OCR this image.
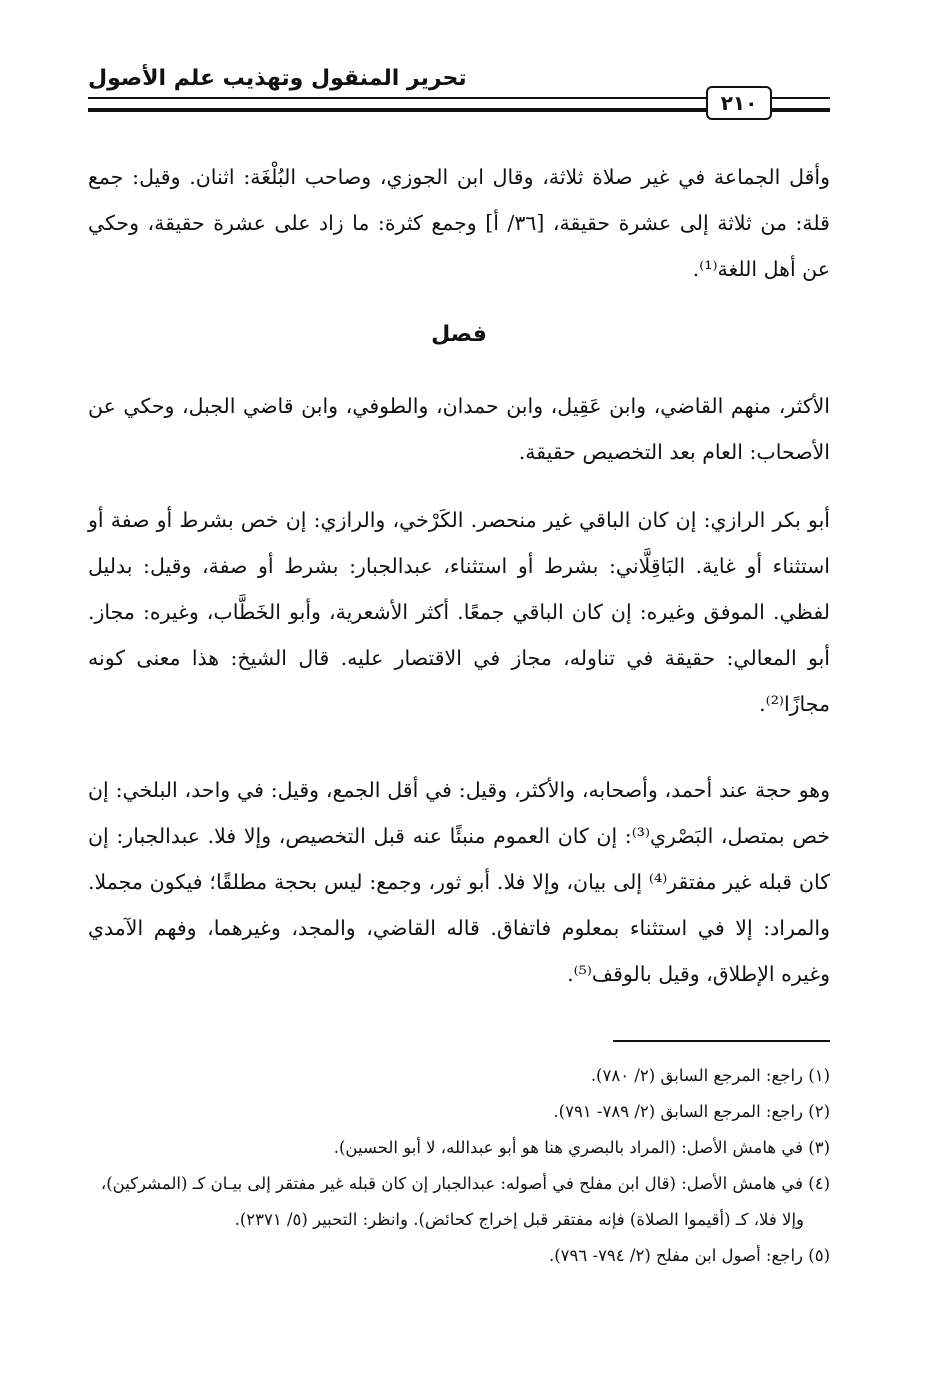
تحرير المنقول وتهذيب علم الأصول
٢١٠

وأقل الجماعة في غير صلاة ثلاثة، وقال ابن الجوزي، وصاحب البُلْغَة: اثنان. وقيل: جمع قلة: من ثلاثة إلى عشرة حقيقة، [٣٦/ أ] وجمع كثرة: ما زاد على عشرة حقيقة، وحكي عن أهل اللغة⁽¹⁾.

فصل

الأكثر، منهم القاضي، وابن عَقِيل، وابن حمدان، والطوفي، وابن قاضي الجبل، وحكي عن الأصحاب: العام بعد التخصيص حقيقة.

أبو بكر الرازي: إن كان الباقي غير منحصر. الكَرْخي، والرازي: إن خص بشرط أو صفة أو استثناء أو غاية. البَاقِلَّاني: بشرط أو استثناء، عبدالجبار: بشرط أو صفة، وقيل: بدليل لفظي. الموفق وغيره: إن كان الباقي جمعًا. أكثر الأشعرية، وأبو الخَطَّاب، وغيره: مجاز. أبو المعالي: حقيقة في تناوله، مجاز في الاقتصار عليه. قال الشيخ: هذا معنى كونه مجازًا⁽²⁾.

وهو حجة عند أحمد، وأصحابه، والأكثر، وقيل: في أقل الجمع، وقيل: في واحد، البلخي: إن خص بمتصل، البَصْري⁽³⁾: إن كان العموم منبئًا عنه قبل التخصيص، وإلا فلا. عبدالجبار: إن كان قبله غير مفتقر⁽⁴⁾ إلى بيان، وإلا فلا. أبو ثور، وجمع: ليس بحجة مطلقًا؛ فيكون مجملا. والمراد: إلا في استثناء بمعلوم فاتفاق. قاله القاضي، والمجد، وغيرهما، وفهم الآمدي وغيره الإطلاق، وقيل بالوقف⁽⁵⁾.

(١) راجع: المرجع السابق (٢/ ٧٨٠).

(٢) راجع: المرجع السابق (٢/ ٧٨٩- ٧٩١).

(٣) في هامش الأصل: (المراد بالبصري هنا هو أبو عبدالله، لا أبو الحسين).

(٤) في هامش الأصل: (قال ابن مفلح في أصوله: عبدالجبار إن كان قبله غير مفتقر إلى بيـان كـ (المشركين)،

وإلا فلا، كـ (أقيموا الصلاة) فإنه مفتقر قبل إخراج كحائض). وانظر: التحبير (٥/ ٢٣٧١).

(٥) راجع: أصول ابن مفلح (٢/ ٧٩٤- ٧٩٦).
